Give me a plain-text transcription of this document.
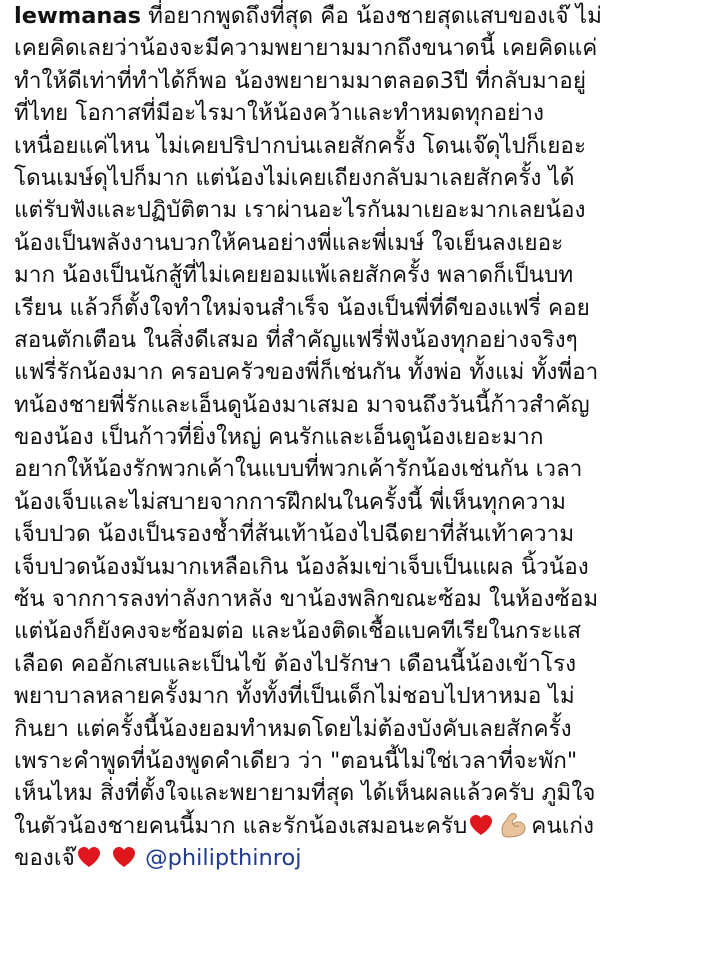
lewmanas ที่อยากพูดถึงที่สุด คือ น้องชายสุดแสบของเจ๊ ไม่
เคยคิดเลยว่าน้องจะมีความพยายามมากถึงขนาดนี้ เคยคิดแค่
ทำให้ดีเท่าที่ทำได้ก็พอ น้องพยายามมาตลอด3ปี ที่กลับมาอยู่
ที่ไทย โอกาสที่มีอะไรมาให้น้องคว้าและทำหมดทุกอย่าง
เหนื่อยแค่ไหน ไม่เคยปริปากบ่นเลยสักครั้ง โดนเจ๊ดุไปก็เยอะ
โดนเมษ์ดุไปก็มาก แต่น้องไม่เคยเถียงกลับมาเลยสักครั้ง ได้
แต่รับฟังและปฏิบัติตาม เราผ่านอะไรกันมาเยอะมากเลยน้อง
น้องเป็นพลังงานบวกให้คนอย่างพี่และพี่เมษ์ ใจเย็นลงเยอะ
มาก น้องเป็นนักสู้ที่ไม่เคยยอมแพ้เลยสักครั้ง พลาดก็เป็นบท
เรียน แล้วก็ตั้งใจทำใหม่จนสำเร็จ น้องเป็นพี่ที่ดีของแฟรี่ คอย
สอนตักเตือน ในสิ่งดีเสมอ ที่สำคัญแฟรี่ฟังน้องทุกอย่างจริงๆ
แฟรี่รักน้องมาก ครอบครัวของพี่ก็เช่นกัน ทั้งพ่อ ทั้งแม่ ทั้งพี่อา
ทน้องชายพี่รักและเอ็นดูน้องมาเสมอ มาจนถึงวันนี้ก้าวสำคัญ
ของน้อง เป็นก้าวที่ยิ่งใหญ่ คนรักและเอ็นดูน้องเยอะมาก
อยากให้น้องรักพวกเค้าในแบบที่พวกเค้ารักน้องเช่นกัน เวลา
น้องเจ็บและไม่สบายจากการฝึกฝนในครั้งนี้ พี่เห็นทุกความ
เจ็บปวด น้องเป็นรองช้ำที่ส้นเท้าน้องไปฉีดยาที่ส้นเท้าความ
เจ็บปวดน้องมันมากเหลือเกิน น้องล้มเข่าเจ็บเป็นแผล นิ้วน้อง
ซ้น จากการลงท่าลังกาหลัง ขาน้องพลิกขณะซ้อม ในห้องซ้อม
แต่น้องก็ยังคงจะซ้อมต่อ และน้องติดเชื้อแบคทีเรียในกระแส
เลือด คออักเสบและเป็นไข้ ต้องไปรักษา เดือนนี้น้องเข้าโรง
พยาบาลหลายครั้งมาก ทั้งทั้งที่เป็นเด็กไม่ชอบไปหาหมอ ไม่
กินยา แต่ครั้งนี้น้องยอมทำหมดโดยไม่ต้องบังคับเลยสักครั้ง
เพราะคำพูดที่น้องพูดคำเดียว ว่า "ตอนนี้ไม่ใช่เวลาที่จะพัก"
เห็นไหม สิ่งที่ตั้งใจและพยายามที่สุด ได้เห็นผลแล้วครับ ภูมิใจ
ในตัวน้องชายคนนี้มาก และรักน้องเสมอนะครับ	คนเก่ง
ของเจ๊	@philipthinroj
